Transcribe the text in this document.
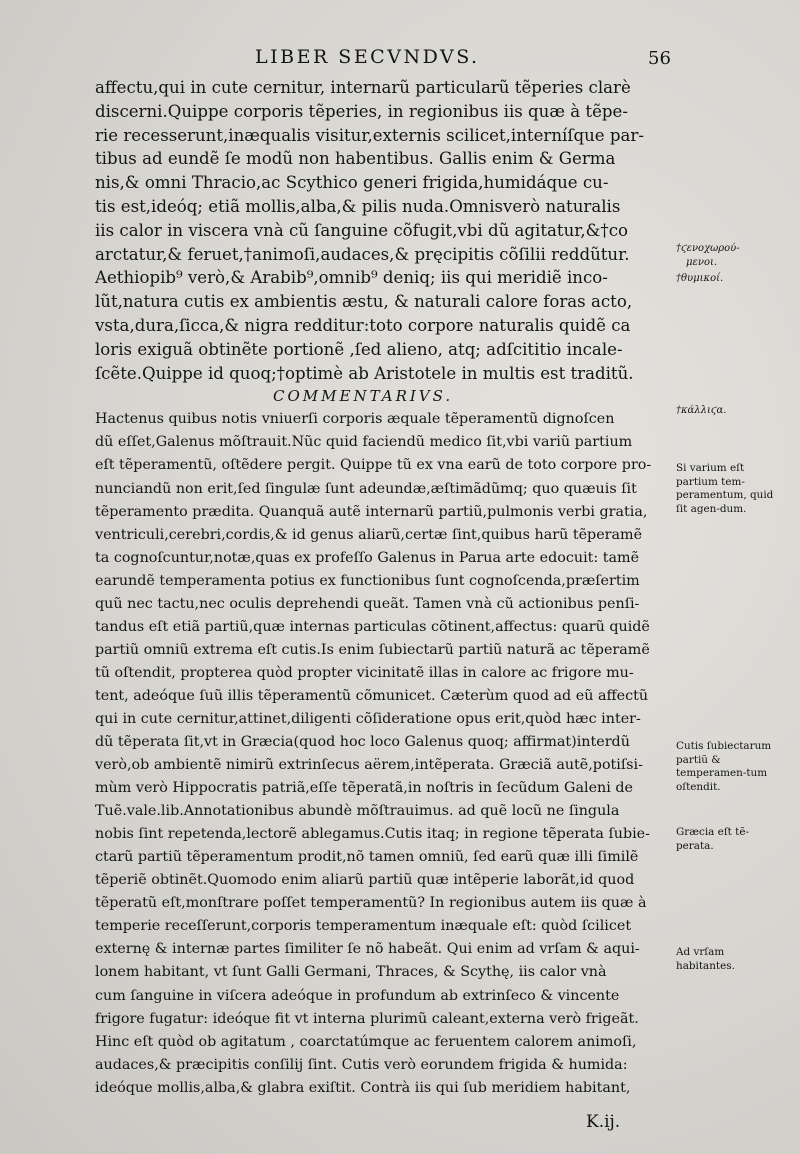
LIBER SECVNDVS.	56
affectu,qui in cute cernitur, internarũ particularũ tẽperies clarè
discerni.Quippe corporis tẽperies, in regionibus iis quæ à tẽpe-
rie recesserunt,inæqualis visitur,externis scilicet,interníſque par-
tibus ad eundẽ ſe modũ non habentibus. Gallis enim & Germa
nis,& omni Thracio,ac Scythico generi frigida,humidáque cu-
tis est,ideóq; etiã mollis,alba,& pilis nuda.Omnisverò naturalis
iis calor in viscera vnà cũ ſanguine cõfugit,vbi dũ agitatur,&†co
arctatur,& feruet,†animoſi,audaces,& pręcipitis cõſilii reddũtur.
Aethiopib⁹ verò,& Arabib⁹,omnib⁹ deniq; iis qui meridiẽ inco-
lũt,natura cutis ex ambientis æstu, & naturali calore foras acto,
vsta,dura,ſicca,& nigra redditur:toto corpore naturalis quidẽ ca
loris exiguã obtinẽte portionẽ ,ſed alieno, atq; adſcititio incale-
ſcẽte.Quippe id quoq;†optimè ab Aristotele in multis est traditũ.
COMMENTARIVS.
Hactenus quibus notis vniuerſi corporis æquale tẽperamentũ dignoſcen
dũ eſſet,Galenus mõſtrauit.Nũc quid faciendũ medico ſit,vbi variũ partium
eſt tẽperamentũ, oſtẽdere pergit. Quippe tũ ex vna earũ de toto corpore pro-
nunciandũ non erit,ſed ſingulæ ſunt adeundæ,æſtimãdũmq; quo quæuis ſit
tẽperamento prædita. Quanquã autẽ internarũ partiũ,pulmonis verbi gratia,
ventriculi,cerebri,cordis,& id genus aliarũ,certæ ſint,quibus harũ tẽperamẽ
ta cognoſcuntur,notæ,quas ex profeſſo Galenus in Parua arte edocuit: tamẽ
earundẽ temperamenta potius ex functionibus ſunt cognoſcenda,præſertim
quũ nec tactu,nec oculis deprehendi queãt. Tamen vnà cũ actionibus penſi-
tandus eſt etiã partiũ,quæ internas particulas cõtinent,affectus: quarũ quidẽ
partiũ omniũ extrema eſt cutis.Is enim ſubiectarũ partiũ naturã ac tẽperamẽ
tũ oſtendit, propterea quòd propter vicinitatẽ illas in calore ac frigore mu-
tent, adeóque ſuũ illis tẽperamentũ cõmunicet. Cæterùm quod ad eũ affectũ
qui in cute cernitur,attinet,diligenti cõſideratione opus erit,quòd hæc inter-
dũ tẽperata ſit,vt in Græcia(quod hoc loco Galenus quoq; affirmat)interdũ
verò,ob ambientẽ nimirũ extrinſecus aërem,intẽperata. Græciã autẽ,potiſsi-
mùm verò Hippocratis patriã,eſſe tẽperatã,in noſtris in ſecũdum Galeni de
Tuẽ.vale.lib.Annotationibus abundè mõſtrauimus. ad quẽ locũ ne ſingula
nobis ſint repetenda,lectorẽ ablegamus.Cutis itaq; in regione tẽperata ſubie-
ctarũ partiũ tẽperamentum prodit,nõ tamen omniũ, ſed earũ quæ illi ſimilẽ
tẽperiẽ obtinẽt.Quomodo enim aliarũ partiũ quæ intẽperie laborãt,id quod
tẽperatũ eſt,monſtrare poſſet temperamentũ? In regionibus autem iis quæ à
temperie receſſerunt,corporis temperamentum inæquale eſt: quòd ſcilicet
externę & internæ partes ſimiliter ſe nõ habeãt. Qui enim ad vrſam & aqui-
lonem habitant, vt ſunt Galli Germani, Thraces, & Scythę, iis calor vnà
cum ſanguine in viſcera adeóque in profundum ab extrinſeco & vincente
frigore fugatur: ideóque fit vt interna plurimũ caleant,externa verò frigeãt.
Hinc eſt quòd ob agitatum , coarctatúmque ac feruentem calorem animoſi,
audaces,& præcipitis conſilij ſint. Cutis verò eorundem frigida & humida:
ideóque mollis,alba,& glabra exiſtit. Contrà iis qui ſub meridiem habitant,
K.ij.
†ϛενοχωρού-
μενοι.
†θυμικοί.
†κάλλιϛα.
Si varium eſt partium tem-peramentum, quid ſit agen-dum.
Cutis ſubiectarum partiũ & temperamen-tum oſtendit.
Græcia eſt tẽ-perata.
Ad vrſam habitantes.
